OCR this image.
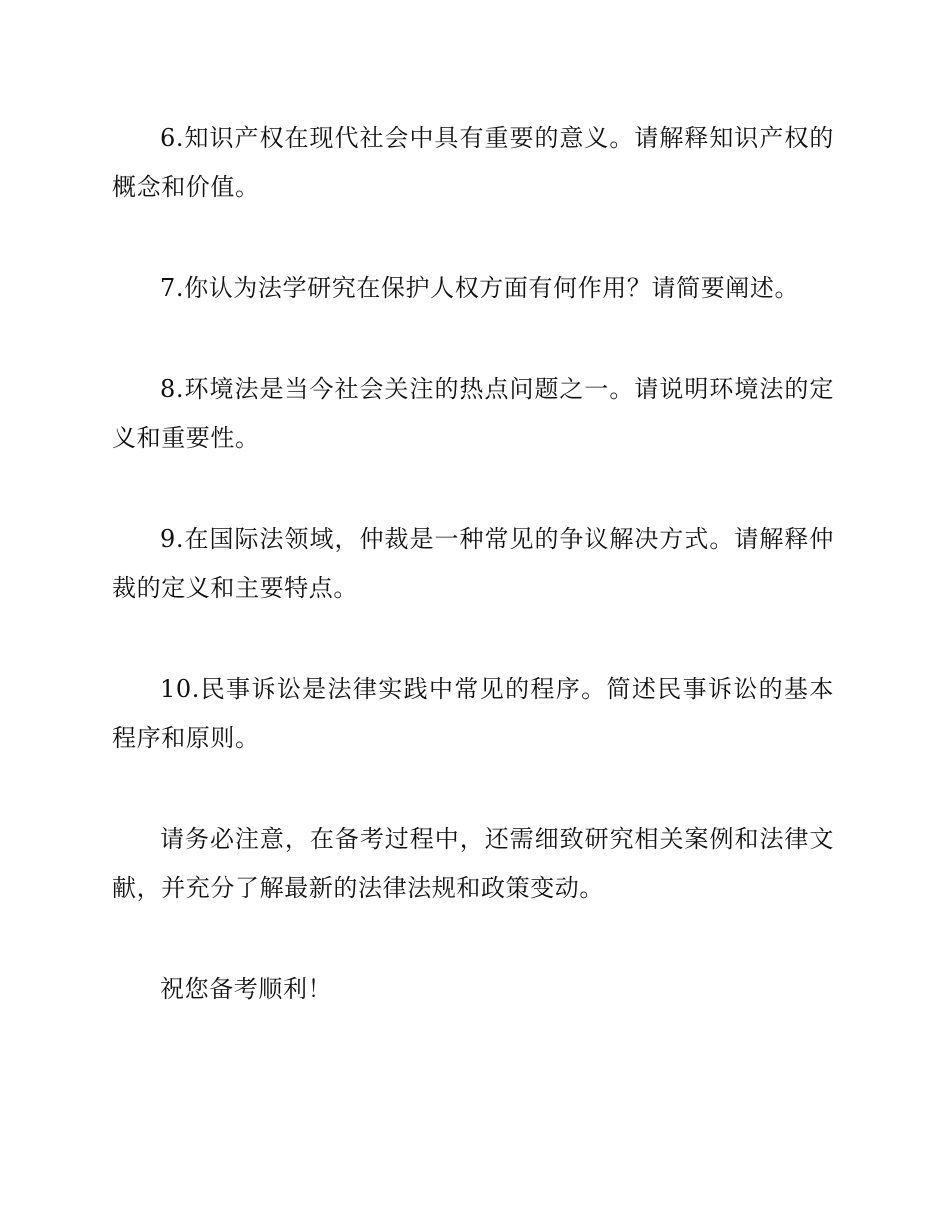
6.知识产权在现代社会中具有重要的意义。请解释知识产权的概念和价值。

7.你认为法学研究在保护人权方面有何作用？请简要阐述。

8.环境法是当今社会关注的热点问题之一。请说明环境法的定义和重要性。

9.在国际法领域，仲裁是一种常见的争议解决方式。请解释仲裁的定义和主要特点。

10.民事诉讼是法律实践中常见的程序。简述民事诉讼的基本程序和原则。

请务必注意，在备考过程中，还需细致研究相关案例和法律文献，并充分了解最新的法律法规和政策变动。

祝您备考顺利！
